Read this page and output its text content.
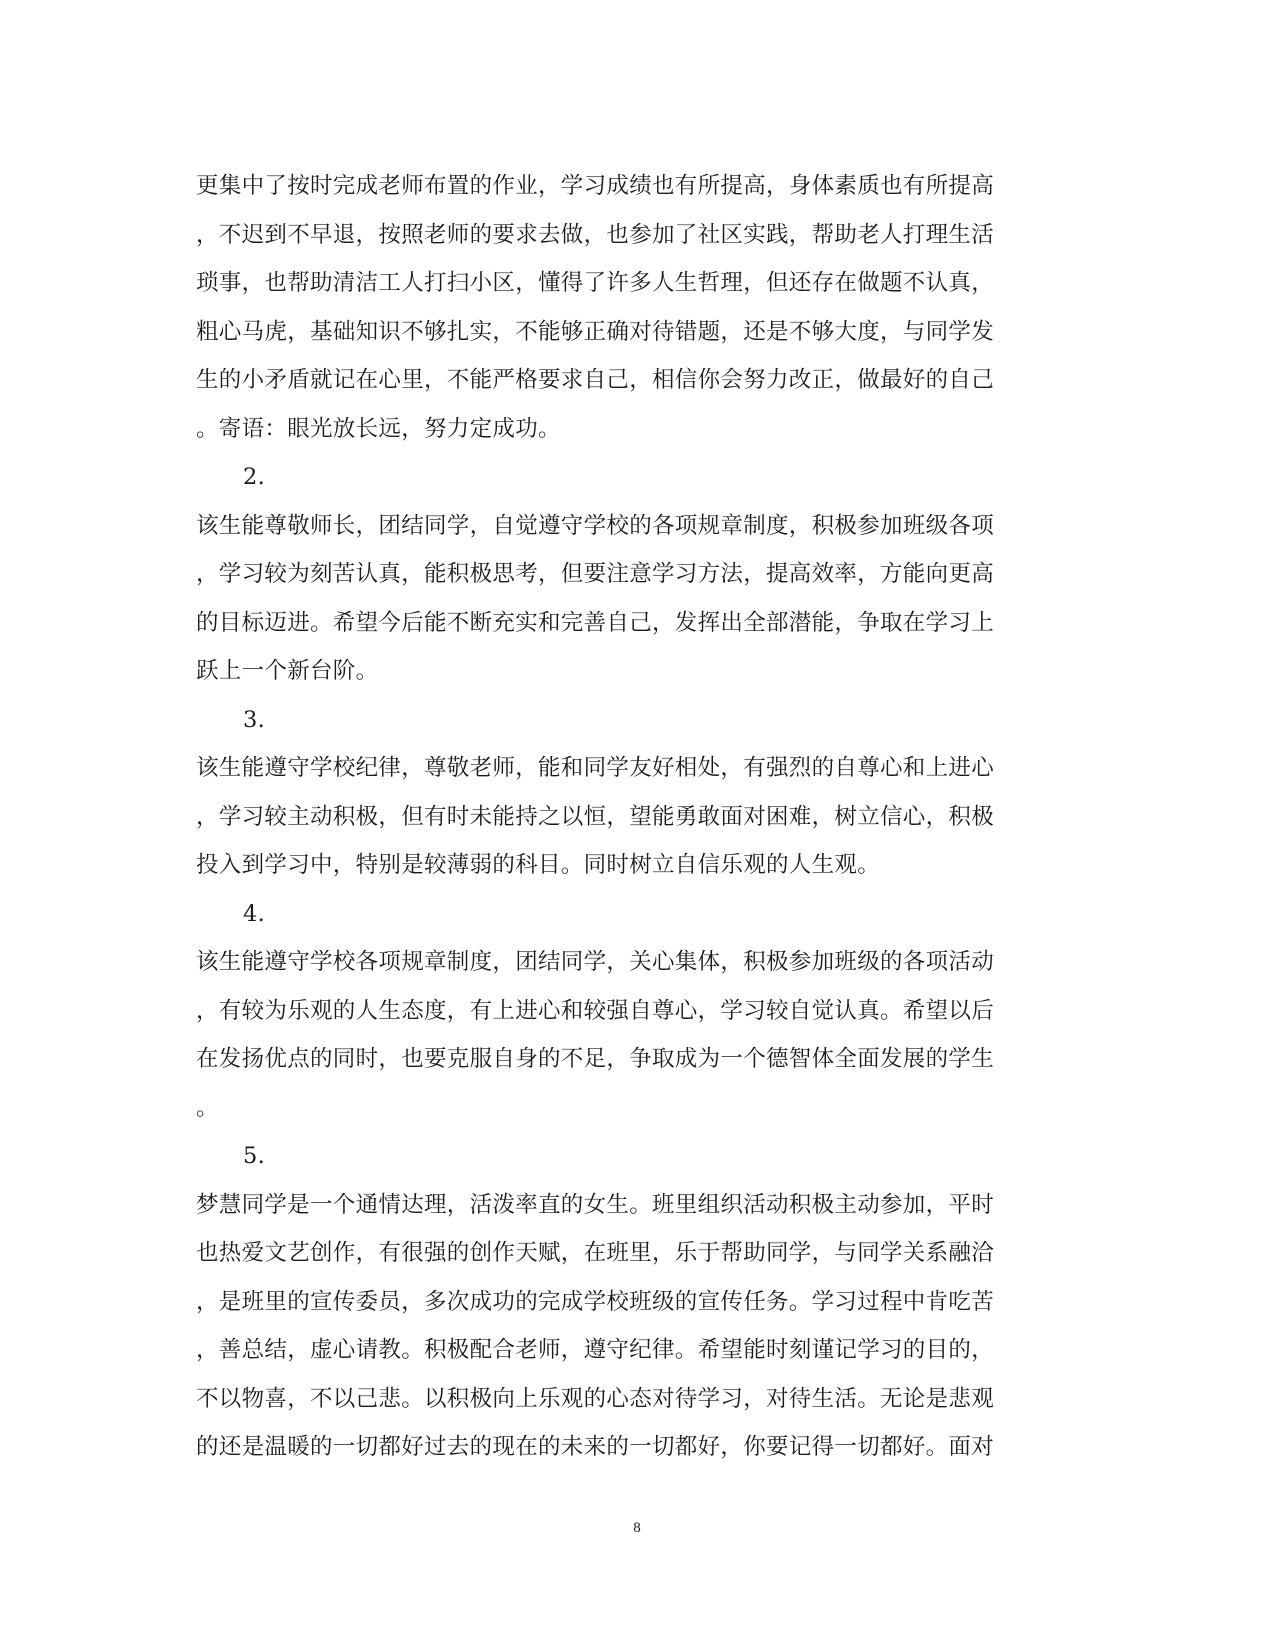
更集中了按时完成老师布置的作业，学习成绩也有所提高，身体素质也有所提高
，不迟到不早退，按照老师的要求去做，也参加了社区实践，帮助老人打理生活
琐事，也帮助清洁工人打扫小区，懂得了许多人生哲理，但还存在做题不认真，
粗心马虎，基础知识不够扎实，不能够正确对待错题，还是不够大度，与同学发
生的小矛盾就记在心里，不能严格要求自己，相信你会努力改正，做最好的自己
。寄语：眼光放长远，努力定成功。
2.
该生能尊敬师长，团结同学，自觉遵守学校的各项规章制度，积极参加班级各项
，学习较为刻苦认真，能积极思考，但要注意学习方法，提高效率，方能向更高
的目标迈进。希望今后能不断充实和完善自己，发挥出全部潜能，争取在学习上
跃上一个新台阶。
3.
该生能遵守学校纪律，尊敬老师，能和同学友好相处，有强烈的自尊心和上进心
，学习较主动积极，但有时未能持之以恒，望能勇敢面对困难，树立信心，积极
投入到学习中，特别是较薄弱的科目。同时树立自信乐观的人生观。
4.
该生能遵守学校各项规章制度，团结同学，关心集体，积极参加班级的各项活动
，有较为乐观的人生态度，有上进心和较强自尊心，学习较自觉认真。希望以后
在发扬优点的同时，也要克服自身的不足，争取成为一个德智体全面发展的学生
。
5.
梦慧同学是一个通情达理，活泼率直的女生。班里组织活动积极主动参加，平时
也热爱文艺创作，有很强的创作天赋，在班里，乐于帮助同学，与同学关系融洽
，是班里的宣传委员，多次成功的完成学校班级的宣传任务。学习过程中肯吃苦
，善总结，虚心请教。积极配合老师，遵守纪律。希望能时刻谨记学习的目的，
不以物喜，不以己悲。以积极向上乐观的心态对待学习，对待生活。无论是悲观
的还是温暖的一切都好过去的现在的未来的一切都好，你要记得一切都好。面对
8
